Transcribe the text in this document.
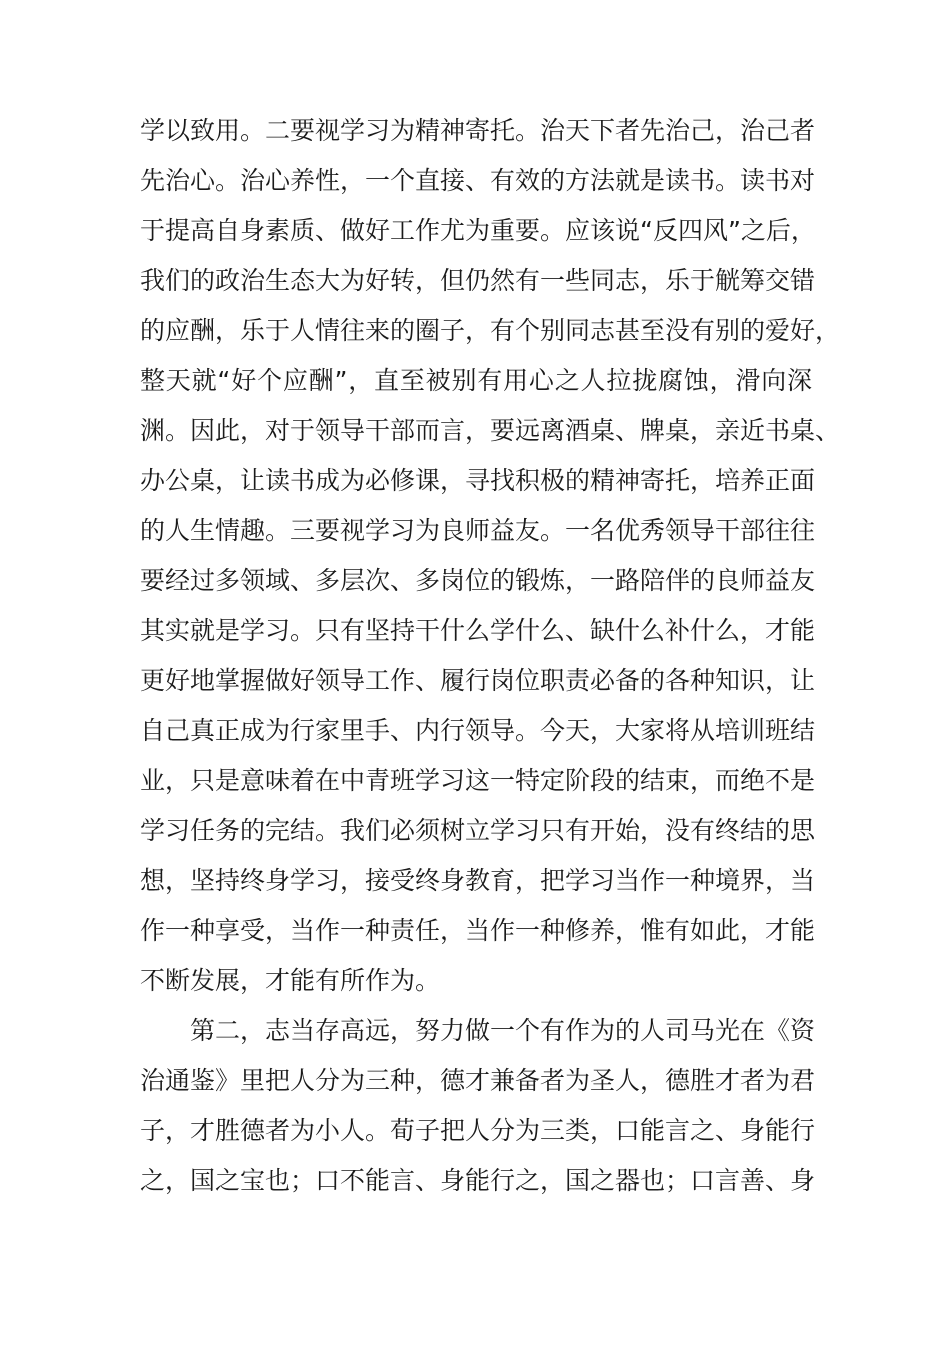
学以致用。二要视学习为精神寄托。治天下者先治己，治己者
先治心。治心养性，一个直接、有效的方法就是读书。读书对
于提高自身素质、做好工作尤为重要。应该说“反四风”之后，
我们的政治生态大为好转，但仍然有一些同志，乐于觥筹交错
的应酬，乐于人情往来的圈子，有个别同志甚至没有别的爱好，
整天就“好个应酬”，直至被别有用心之人拉拢腐蚀，滑向深
渊。因此，对于领导干部而言，要远离酒桌、牌桌，亲近书桌、
办公桌，让读书成为必修课，寻找积极的精神寄托，培养正面
的人生情趣。三要视学习为良师益友。一名优秀领导干部往往
要经过多领域、多层次、多岗位的锻炼，一路陪伴的良师益友
其实就是学习。只有坚持干什么学什么、缺什么补什么，才能
更好地掌握做好领导工作、履行岗位职责必备的各种知识，让
自己真正成为行家里手、内行领导。今天，大家将从培训班结
业，只是意味着在中青班学习这一特定阶段的结束，而绝不是
学习任务的完结。我们必须树立学习只有开始，没有终结的思
想，坚持终身学习，接受终身教育，把学习当作一种境界，当
作一种享受，当作一种责任，当作一种修养，惟有如此，才能
不断发展，才能有所作为。
第二，志当存高远，努力做一个有作为的人司马光在《资
治通鉴》里把人分为三种，德才兼备者为圣人，德胜才者为君
子，才胜德者为小人。荀子把人分为三类，口能言之、身能行
之，国之宝也；口不能言、身能行之，国之器也；口言善、身
